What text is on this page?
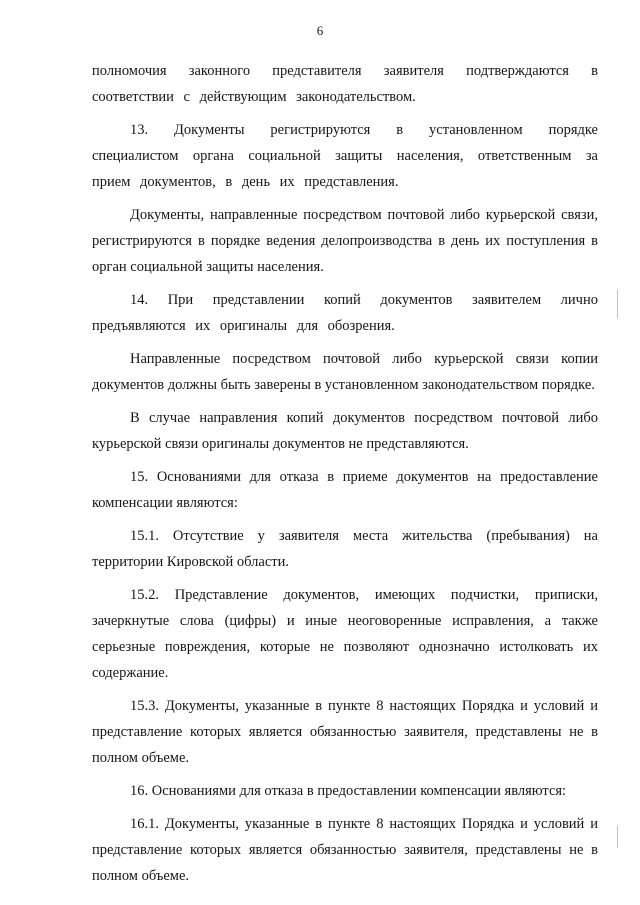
6

полномочия законного представителя заявителя подтверждаются в соответствии с действующим законодательством.

13. Документы регистрируются в установленном порядке специалистом органа социальной защиты населения, ответственным за прием документов, в день их представления.

Документы, направленные посредством почтовой либо курьерской связи, регистрируются в порядке ведения делопроизводства в день их поступления в орган социальной защиты населения.

14. При представлении копий документов заявителем лично предъявляются их оригиналы для обозрения.

Направленные посредством почтовой либо курьерской связи копии документов должны быть заверены в установленном законодательством порядке.

В случае направления копий документов посредством почтовой либо курьерской связи оригиналы документов не представляются.

15. Основаниями для отказа в приеме документов на предоставление компенсации являются:

15.1. Отсутствие у заявителя места жительства (пребывания) на территории Кировской области.

15.2. Представление документов, имеющих подчистки, приписки, зачеркнутые слова (цифры) и иные неоговоренные исправления, а также серьезные повреждения, которые не позволяют однозначно истолковать их содержание.

15.3. Документы, указанные в пункте 8 настоящих Порядка и условий и представление которых является обязанностью заявителя, представлены не в полном объеме.

16. Основаниями для отказа в предоставлении компенсации являются:

16.1. Документы, указанные в пункте 8 настоящих Порядка и условий и представление которых является обязанностью заявителя, представлены не в полном объеме.
